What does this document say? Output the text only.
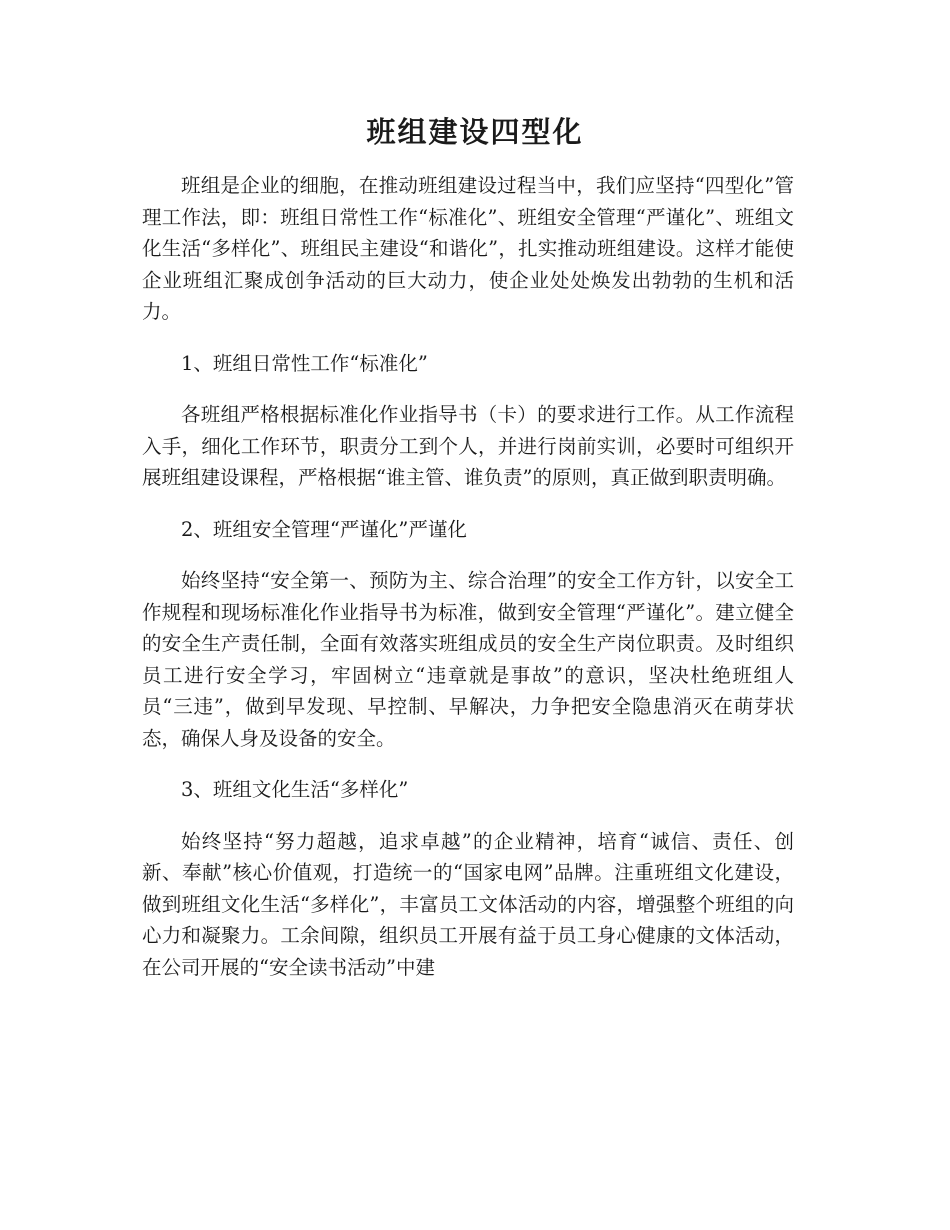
班组建设四型化

班组是企业的细胞，在推动班组建设过程当中，我们应坚持“四型化”管理工作法，即：班组日常性工作“标准化”、班组安全管理“严谨化”、班组文化生活“多样化”、班组民主建设“和谐化”，扎实推动班组建设。这样才能使企业班组汇聚成创争活动的巨大动力，使企业处处焕发出勃勃的生机和活力。

1、班组日常性工作“标准化”

各班组严格根据标准化作业指导书（卡）的要求进行工作。从工作流程入手，细化工作环节，职责分工到个人，并进行岗前实训，必要时可组织开展班组建设课程，严格根据“谁主管、谁负责”的原则，真正做到职责明确。

2、班组安全管理“严谨化”严谨化

始终坚持“安全第一、预防为主、综合治理”的安全工作方针，以安全工作规程和现场标准化作业指导书为标准，做到安全管理“严谨化”。建立健全的安全生产责任制，全面有效落实班组成员的安全生产岗位职责。及时组织员工进行安全学习，牢固树立“违章就是事故”的意识，坚决杜绝班组人员“三违”，做到早发现、早控制、早解决，力争把安全隐患消灭在萌芽状态，确保人身及设备的安全。

3、班组文化生活“多样化”

始终坚持“努力超越，追求卓越”的企业精神，培育“诚信、责任、创新、奉献”核心价值观，打造统一的“国家电网”品牌。注重班组文化建设，做到班组文化生活“多样化”，丰富员工文体活动的内容，增强整个班组的向心力和凝聚力。工余间隙，组织员工开展有益于员工身心健康的文体活动，在公司开展的“安全读书活动”中建
